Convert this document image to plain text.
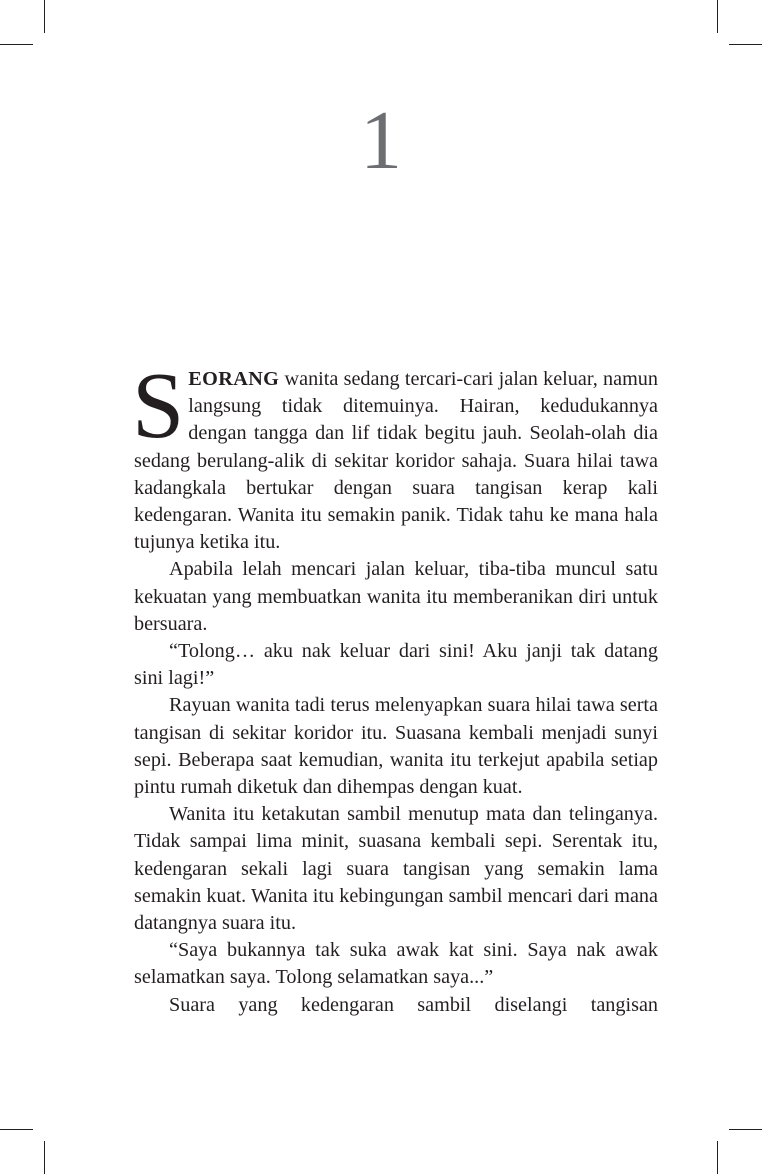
1

SEORANG wanita sedang tercari-cari jalan keluar, namun langsung tidak ditemuinya. Hairan, kedudukannya dengan tangga dan lif tidak begitu jauh. Seolah-olah dia sedang berulang-alik di sekitar koridor sahaja. Suara hilai tawa kadangkala bertukar dengan suara tangisan kerap kali kedengaran. Wanita itu semakin panik. Tidak tahu ke mana hala tujunya ketika itu.

Apabila lelah mencari jalan keluar, tiba-tiba muncul satu kekuatan yang membuatkan wanita itu memberanikan diri untuk bersuara.

“Tolong… aku nak keluar dari sini! Aku janji tak datang sini lagi!”

Rayuan wanita tadi terus melenyapkan suara hilai tawa serta tangisan di sekitar koridor itu. Suasana kembali menjadi sunyi sepi. Beberapa saat kemudian, wanita itu terkejut apabila setiap pintu rumah diketuk dan dihempas dengan kuat.

Wanita itu ketakutan sambil menutup mata dan telinganya. Tidak sampai lima minit, suasana kembali sepi. Serentak itu, kedengaran sekali lagi suara tangisan yang semakin lama semakin kuat. Wanita itu kebingungan sambil mencari dari mana datangnya suara itu.

“Saya bukannya tak suka awak kat sini. Saya nak awak selamatkan saya. Tolong selamatkan saya...”

Suara yang kedengaran sambil diselangi tangisan
